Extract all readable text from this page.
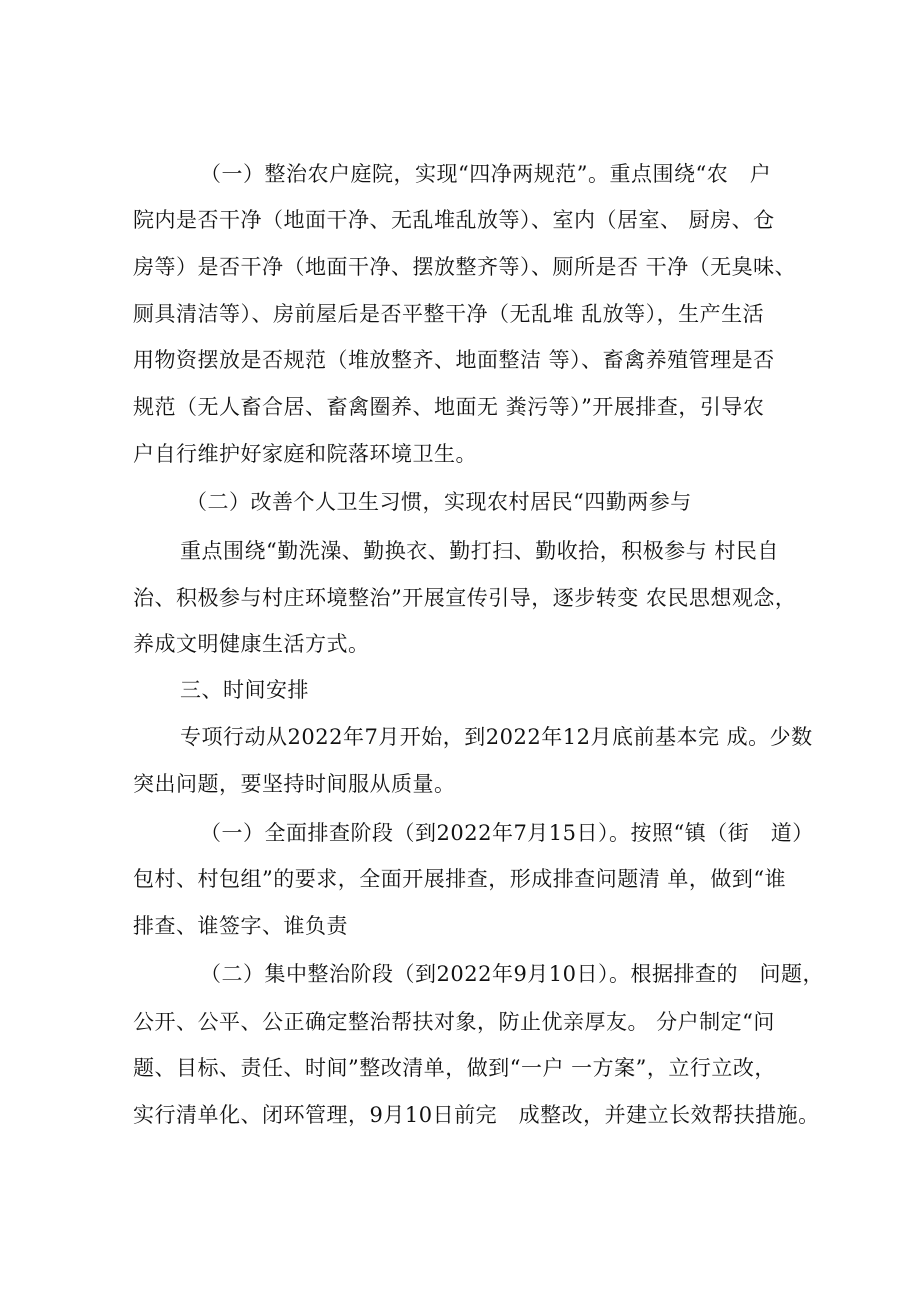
（一）整治农户庭院，实现“四净两规范”。重点围绕“农　户
院内是否干净（地面干净、无乱堆乱放等）、室内（居室、 厨房、仓
房等）是否干净（地面干净、摆放整齐等）、厕所是否 干净（无臭味、
厕具清洁等）、房前屋后是否平整干净（无乱堆 乱放等），生产生活
用物资摆放是否规范（堆放整齐、地面整洁 等）、畜禽养殖管理是否
规范（无人畜合居、畜禽圈养、地面无 粪污等）”开展排查，引导农
户自行维护好家庭和院落环境卫生。
（二）改善个人卫生习惯，实现农村居民“四勤两参与
重点围绕“勤洗澡、勤换衣、勤打扫、勤收拾，积极参与 村民自
治、积极参与村庄环境整治”开展宣传引导，逐步转变 农民思想观念，
养成文明健康生活方式。
三、时间安排
专项行动从2022年7月开始，到2022年12月底前基本完 成。少数
突出问题，要坚持时间服从质量。
（一）全面排查阶段（到2022年7月15日）。按照“镇（街　道）
包村、村包组”的要求，全面开展排查，形成排查问题清 单，做到“谁
排查、谁签字、谁负责
（二）集中整治阶段（到2022年9月10日）。根据排查的　问题，
公开、公平、公正确定整治帮扶对象，防止优亲厚友。 分户制定“问
题、目标、责任、时间”整改清单，做到“一户 一方案”，立行立改，
实行清单化、闭环管理，9月10日前完　成整改，并建立长效帮扶措施。
